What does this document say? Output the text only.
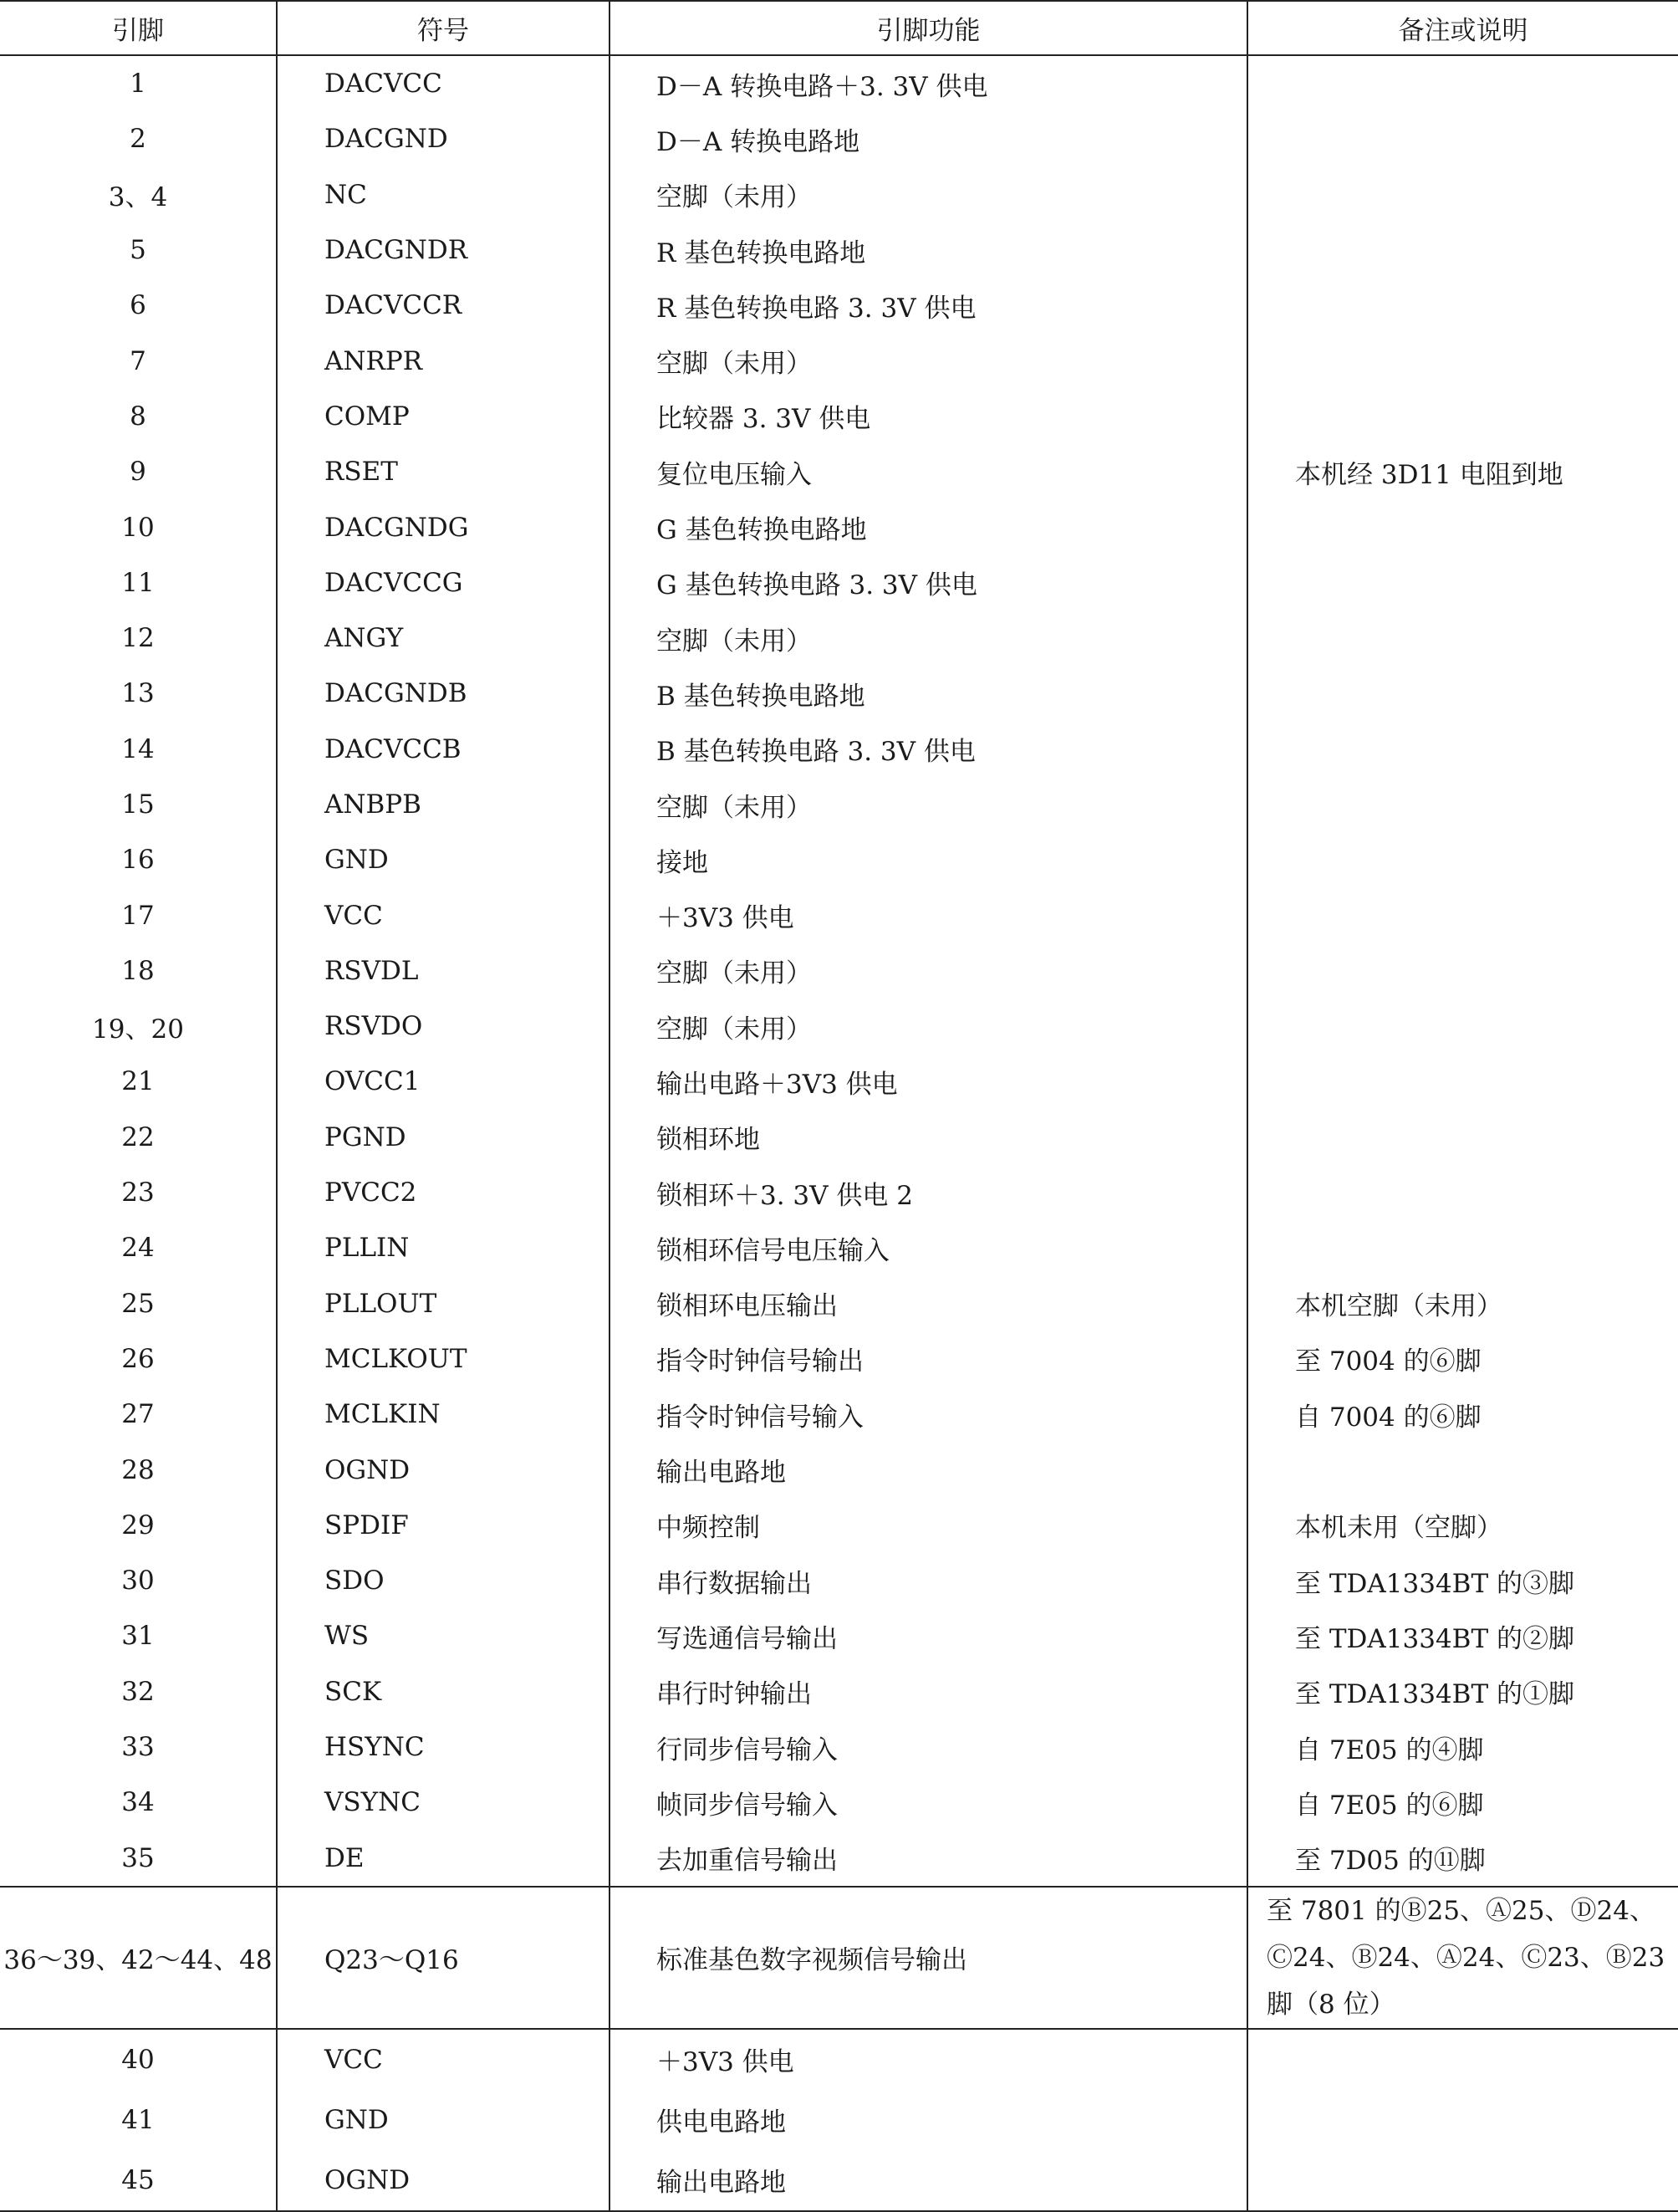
引脚	符号	引脚功能	备注或说明
1	DACVCC	D－A 转换电路＋3. 3V 供电	
2	DACGND	D－A 转换电路地	
3、4	NC	空脚（未用）	
5	DACGNDR	R 基色转换电路地	
6	DACVCCR	R 基色转换电路 3. 3V 供电	
7	ANRPR	空脚（未用）	
8	COMP	比较器 3. 3V 供电	
9	RSET	复位电压输入	本机经 3D11 电阻到地
10	DACGNDG	G 基色转换电路地	
11	DACVCCG	G 基色转换电路 3. 3V 供电	
12	ANGY	空脚（未用）	
13	DACGNDB	B 基色转换电路地	
14	DACVCCB	B 基色转换电路 3. 3V 供电	
15	ANBPB	空脚（未用）	
16	GND	接地	
17	VCC	＋3V3 供电	
18	RSVDL	空脚（未用）	
19、20	RSVDO	空脚（未用）	
21	OVCC1	输出电路＋3V3 供电	
22	PGND	锁相环地	
23	PVCC2	锁相环＋3. 3V 供电 2	
24	PLLIN	锁相环信号电压输入	
25	PLLOUT	锁相环电压输出	本机空脚（未用）
26	MCLKOUT	指令时钟信号输出	至 7004 的⑥脚
27	MCLKIN	指令时钟信号输入	自 7004 的⑥脚
28	OGND	输出电路地	
29	SPDIF	中频控制	本机未用（空脚）
30	SDO	串行数据输出	至 TDA1334BT 的③脚
31	WS	写选通信号输出	至 TDA1334BT 的②脚
32	SCK	串行时钟输出	至 TDA1334BT 的①脚
33	HSYNC	行同步信号输入	自 7E05 的④脚
34	VSYNC	帧同步信号输入	自 7E05 的⑥脚
35	DE	去加重信号输出	至 7D05 的⑪脚
36～39、42～44、48	Q23～Q16	标准基色数字视频信号输出	至 7801 的Ⓑ25、Ⓐ25、Ⓓ24、Ⓒ24、Ⓑ24、Ⓐ24、Ⓒ23、Ⓑ23脚（8 位）
40	VCC	＋3V3 供电	
41	GND	供电电路地	
45	OGND	输出电路地	
